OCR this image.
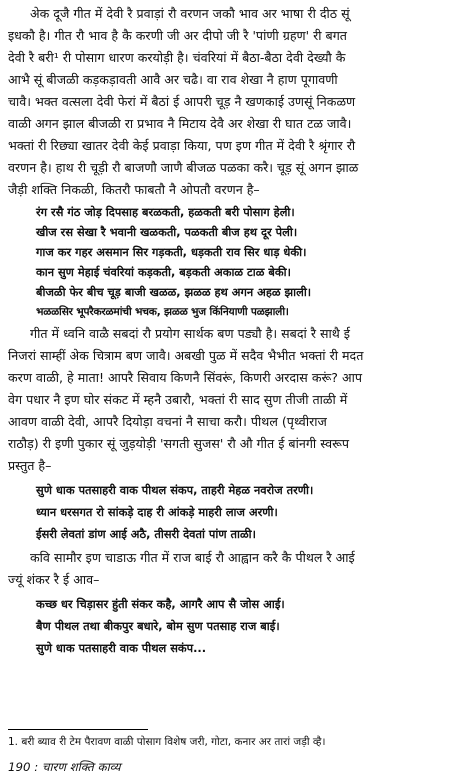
अेक दूजै गीत में देवी रै प्रवाड़ां रौ वरणन जकौ भाव अर भाषा री दीठ सूं
इधकौ है। गीत रौ भाव है कै करणी जी अर दीपो जी रै 'पांणी ग्रहण' री बगत
देवी रै बरी¹ री पोसाग धारण करयोड़ी है। चंवरियां में बैठा-बैठा देवी देख्यौ कै
आभै सूं बीजळी कड़कड़ावती आवै अर चढै। वा राव शेखा नै हाण पूगावणी
चावै। भक्त वत्सला देवी फेरां में बैठां ई आपरी चूड़ नै खणकाई उणसूं निकळण
वाळी अगन झाल बीजळी रा प्रभाव नै मिटाय देवै अर शेखा री घात टळ जावै।
भक्तां री रिछ्या खातर देवी केई प्रवाड़ा किया, पण इण गीत में देवी रै श्रृंगार रौ
वरणन है। हाथ री चूड़ी रौ बाजणौ जाणै बीजळ पळका करै। चूड़ सूं अगन झाळ
जैड़ी शक्ति निकळी, कितरौ फाबतौ नै ओपतौ वरणन है–
रंग रसै गंठ जोड़ दिपसाह बरळकती, हळकती बरी पोसाग हेली।
खीज रस सेखा रै भवानी खळकती, पळकती बीज हथ दूर पेली।
गाज कर गहर असमान सिर गड़कती, धड़कती राव सिर धाड़ धेकी।
कान सुण मेहाई चंवरियां कड़कती, बड़कती अकाळ टाळ बेकी।
बीजळी फेर बीच चूड़ बाजी खळळ, झळळ हथ अगन अहळ झाली।
भळळसिर भूपरैकरळमांची भचक, झळळ भुज किंनियाणी पळझाली।
गीत में ध्वनि वाळै सबदां रौ प्रयोग सार्थक बण पड्यौ है। सबदां रै साथै ई
निजरां साम्हीं अेक चित्राम बण जावै। अबखी पुळ में सदैव भैभीत भक्तां री मदत
करण वाळी, हे माता! आपरै सिवाय किणनै सिंवरूं, किणरी अरदास करूं? आप
वेग पधार नै इण घोर संकट में म्हनै उबारौ, भक्तां री साद सुण तीजी ताळी में
आवण वाळी देवी, आपरै दियोड़ा वचनां नै साचा करौ। पीथल (पृथ्वीराज
राठौड़) री इणी पुकार सूं जुड़योड़ी 'सगती सुजस' रौ औ गीत ई बांनगी स्वरूप
प्रस्तुत है–
सुणे धाक पतसाहरी वाक पीथल संकप, ताहरी मेहळ नवरोज तरणी।
ध्यान धरसगत रो सांकड़े दाह री आंकड़े माहरी लाज अरणी।
ईसरी लेवतां डांण आई अठै, तीसरी देवतां पांण ताळी।
कवि सामौर इण चाडाऊ गीत में राज बाई रौ आह्वान करै कै पीथल रै आई
ज्यूं शंकर रै ई आव–
कच्छ धर चिड़ासर हुंती संकर कहै, आगरै आप सै जोस आई।
बैण पीथल तथा बीकपुर बधारे, बोम सुण पतसाह राज बाई।
सुणे धाक पतसाहरी वाक पीथल सकंप...
1. बरी ब्याव री टेम पैरावण वाळी पोसाग विशेष जरी, गोटा, कनार अर तारां जड़ी व्है।
190 : चारण शक्ति काव्य
